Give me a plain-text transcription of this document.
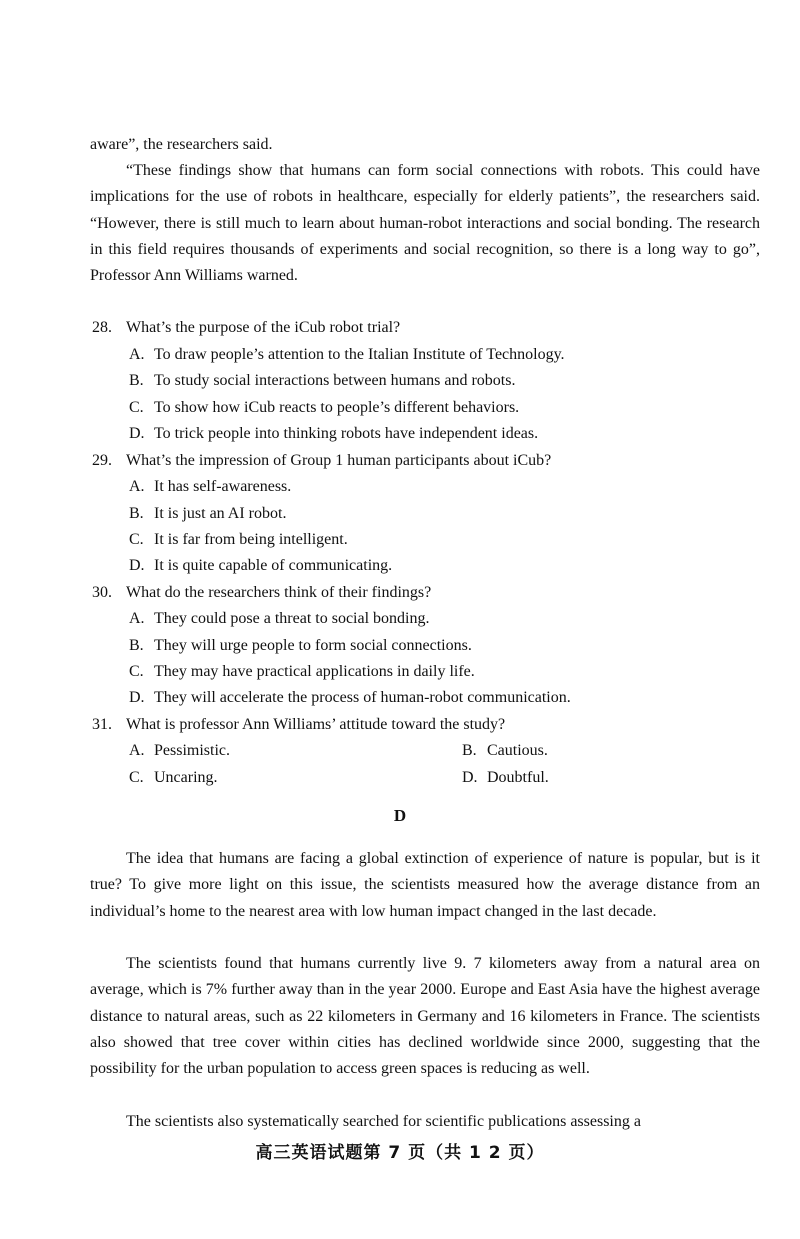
aware”, the researchers said.

“These findings show that humans can form social connections with robots. This could have implications for the use of robots in healthcare, especially for elderly patients”, the researchers said. “However, there is still much to learn about human-robot interactions and social bonding. The research in this field requires thousands of experiments and social recognition, so there is a long way to go”, Professor Ann Williams warned.

28. What’s the purpose of the iCub robot trial?
A. To draw people’s attention to the Italian Institute of Technology.
B. To study social interactions between humans and robots.
C. To show how iCub reacts to people’s different behaviors.
D. To trick people into thinking robots have independent ideas.
29. What’s the impression of Group 1 human participants about iCub?
A. It has self-awareness.
B. It is just an AI robot.
C. It is far from being intelligent.
D. It is quite capable of communicating.
30. What do the researchers think of their findings?
A. They could pose a threat to social bonding.
B. They will urge people to form social connections.
C. They may have practical applications in daily life.
D. They will accelerate the process of human-robot communication.
31. What is professor Ann Williams’ attitude toward the study?
A. Pessimistic.	B. Cautious.
C. Uncaring.	D. Doubtful.
D

The idea that humans are facing a global extinction of experience of nature is popular, but is it true? To give more light on this issue, the scientists measured how the average distance from an individual’s home to the nearest area with low human impact changed in the last decade.

The scientists found that humans currently live 9. 7 kilometers away from a natural area on average, which is 7% further away than in the year 2000. Europe and East Asia have the highest average distance to natural areas, such as 22 kilometers in Germany and 16 kilometers in France. The scientists also showed that tree cover within cities has declined worldwide since 2000, suggesting that the possibility for the urban population to access green spaces is reducing as well.

The scientists also systematically searched for scientific publications assessing a

高三英语试题第 7 页（共 1 2 页）
